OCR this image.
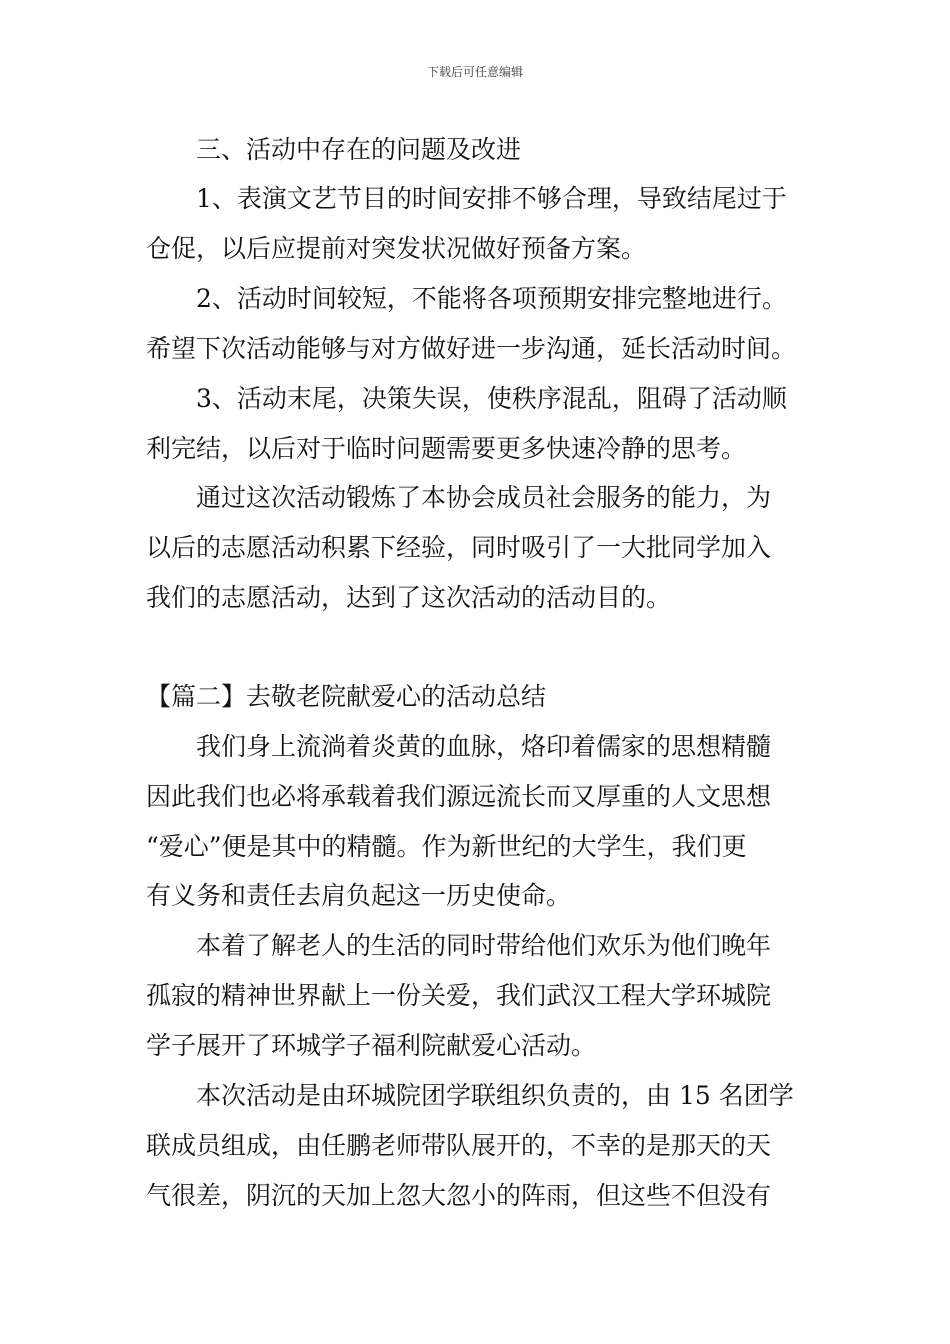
下载后可任意编辑
三、活动中存在的问题及改进
1、表演文艺节目的时间安排不够合理，导致结尾过于
仓促，以后应提前对突发状况做好预备方案。
2、活动时间较短，不能将各项预期安排完整地进行。
希望下次活动能够与对方做好进一步沟通，延长活动时间。
3、活动末尾，决策失误，使秩序混乱，阻碍了活动顺
利完结，以后对于临时问题需要更多快速冷静的思考。
通过这次活动锻炼了本协会成员社会服务的能力，为
以后的志愿活动积累下经验，同时吸引了一大批同学加入
我们的志愿活动，达到了这次活动的活动目的。
【篇二】去敬老院献爱心的活动总结
我们身上流淌着炎黄的血脉，烙印着儒家的思想精髓
因此我们也必将承载着我们源远流长而又厚重的人文思想
“爱心”便是其中的精髓。作为新世纪的大学生，我们更
有义务和责任去肩负起这一历史使命。
本着了解老人的生活的同时带给他们欢乐为他们晚年
孤寂的精神世界献上一份关爱，我们武汉工程大学环城院
学子展开了环城学子福利院献爱心活动。
本次活动是由环城院团学联组织负责的，由 15 名团学
联成员组成，由任鹏老师带队展开的，不幸的是那天的天
气很差，阴沉的天加上忽大忽小的阵雨，但这些不但没有
